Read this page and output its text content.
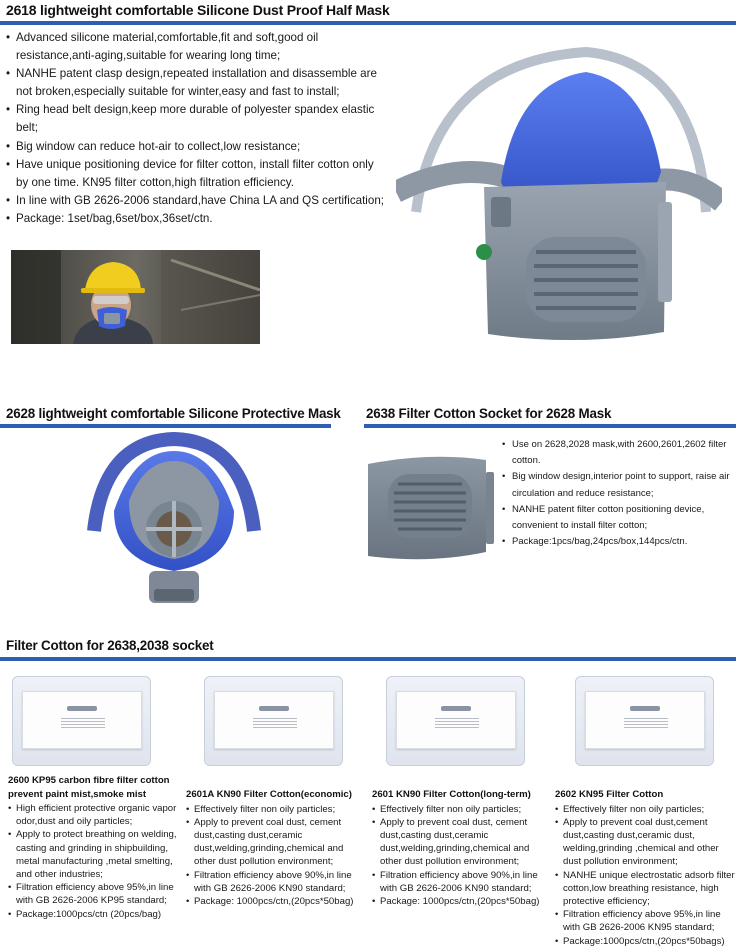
2618 lightweight comfortable Silicone Dust Proof Half Mask
• Advanced silicone material,comfortable,fit and soft,good oil resistance,anti-aging,suitable for wearing long time;
• NANHE patent clasp design,repeated installation and disassemble are not broken,especially suitable for winter,easy and fast to install;
• Ring head belt design,keep more durable of polyester spandex elastic belt;
• Big window can reduce hot-air to collect,low resistance;
• Have unique positioning device for filter cotton, install filter cotton only by one time. KN95 filter cotton,high filtration efficiency.
• In line with GB 2626-2006 standard,have China LA and QS certification;
• Package: 1set/bag,6set/box,36set/ctn.
2628 lightweight comfortable Silicone Protective Mask 2638 Filter Cotton Socket for 2628 Mask
• Use on 2628,2028 mask,with 2600,2601,2602 filter cotton.
• Big window design,interior point to support, raise air circulation and reduce resistance;
• NANHE patent filter cotton positioning device, convenient to install filter cotton;
• Package:1pcs/bag,24pcs/box,144pcs/ctn.
Filter Cotton for 2638,2038 socket
2600 KP95 carbon fibre filter cotton prevent paint mist,smoke mist
• High efficient protective organic vapor odor,dust and oily particles;
• Apply to protect breathing on welding, casting and grinding in shipbuilding, metal manufacturing ,metal smelting, and other industries;
• Filtration efficiency above 95%,in line with GB 2626-2006 KP95 standard;
• Package:1000pcs/ctn (20pcs/bag)
2601A KN90 Filter Cotton(economic)
• Effectively filter non oily particles;
• Apply to prevent coal dust, cement dust,casting dust,ceramic dust,welding,grinding,chemical and other dust pollution environment;
• Filtration efficiency above 90%,in line with GB 2626-2006 KN90 standard;
• Package: 1000pcs/ctn,(20pcs*50bag)
2601 KN90 Filter Cotton(long-term)
• Effectively filter non oily particles;
• Apply to prevent coal dust, cement dust,casting dust,ceramic dust,welding,grinding,chemical and other dust pollution environment;
• Filtration efficiency above 90%,in line with GB 2626-2006 KN90 standard;
• Package: 1000pcs/ctn,(20pcs*50bag)
2602 KN95 Filter Cotton
• Effectively filter non oily particles;
• Apply to prevent coal dust,cement dust,casting dust,ceramic dust, welding,grinding ,chemical and other dust pollution environment;
• NANHE unique electrostatic adsorb filter cotton,low breathing resistance, high protective efficiency;
• Filtration efficiency above 95%,in line with GB 2626-2006 KN95 standard;
• Package:1000pcs/ctn,(20pcs*50bags)
